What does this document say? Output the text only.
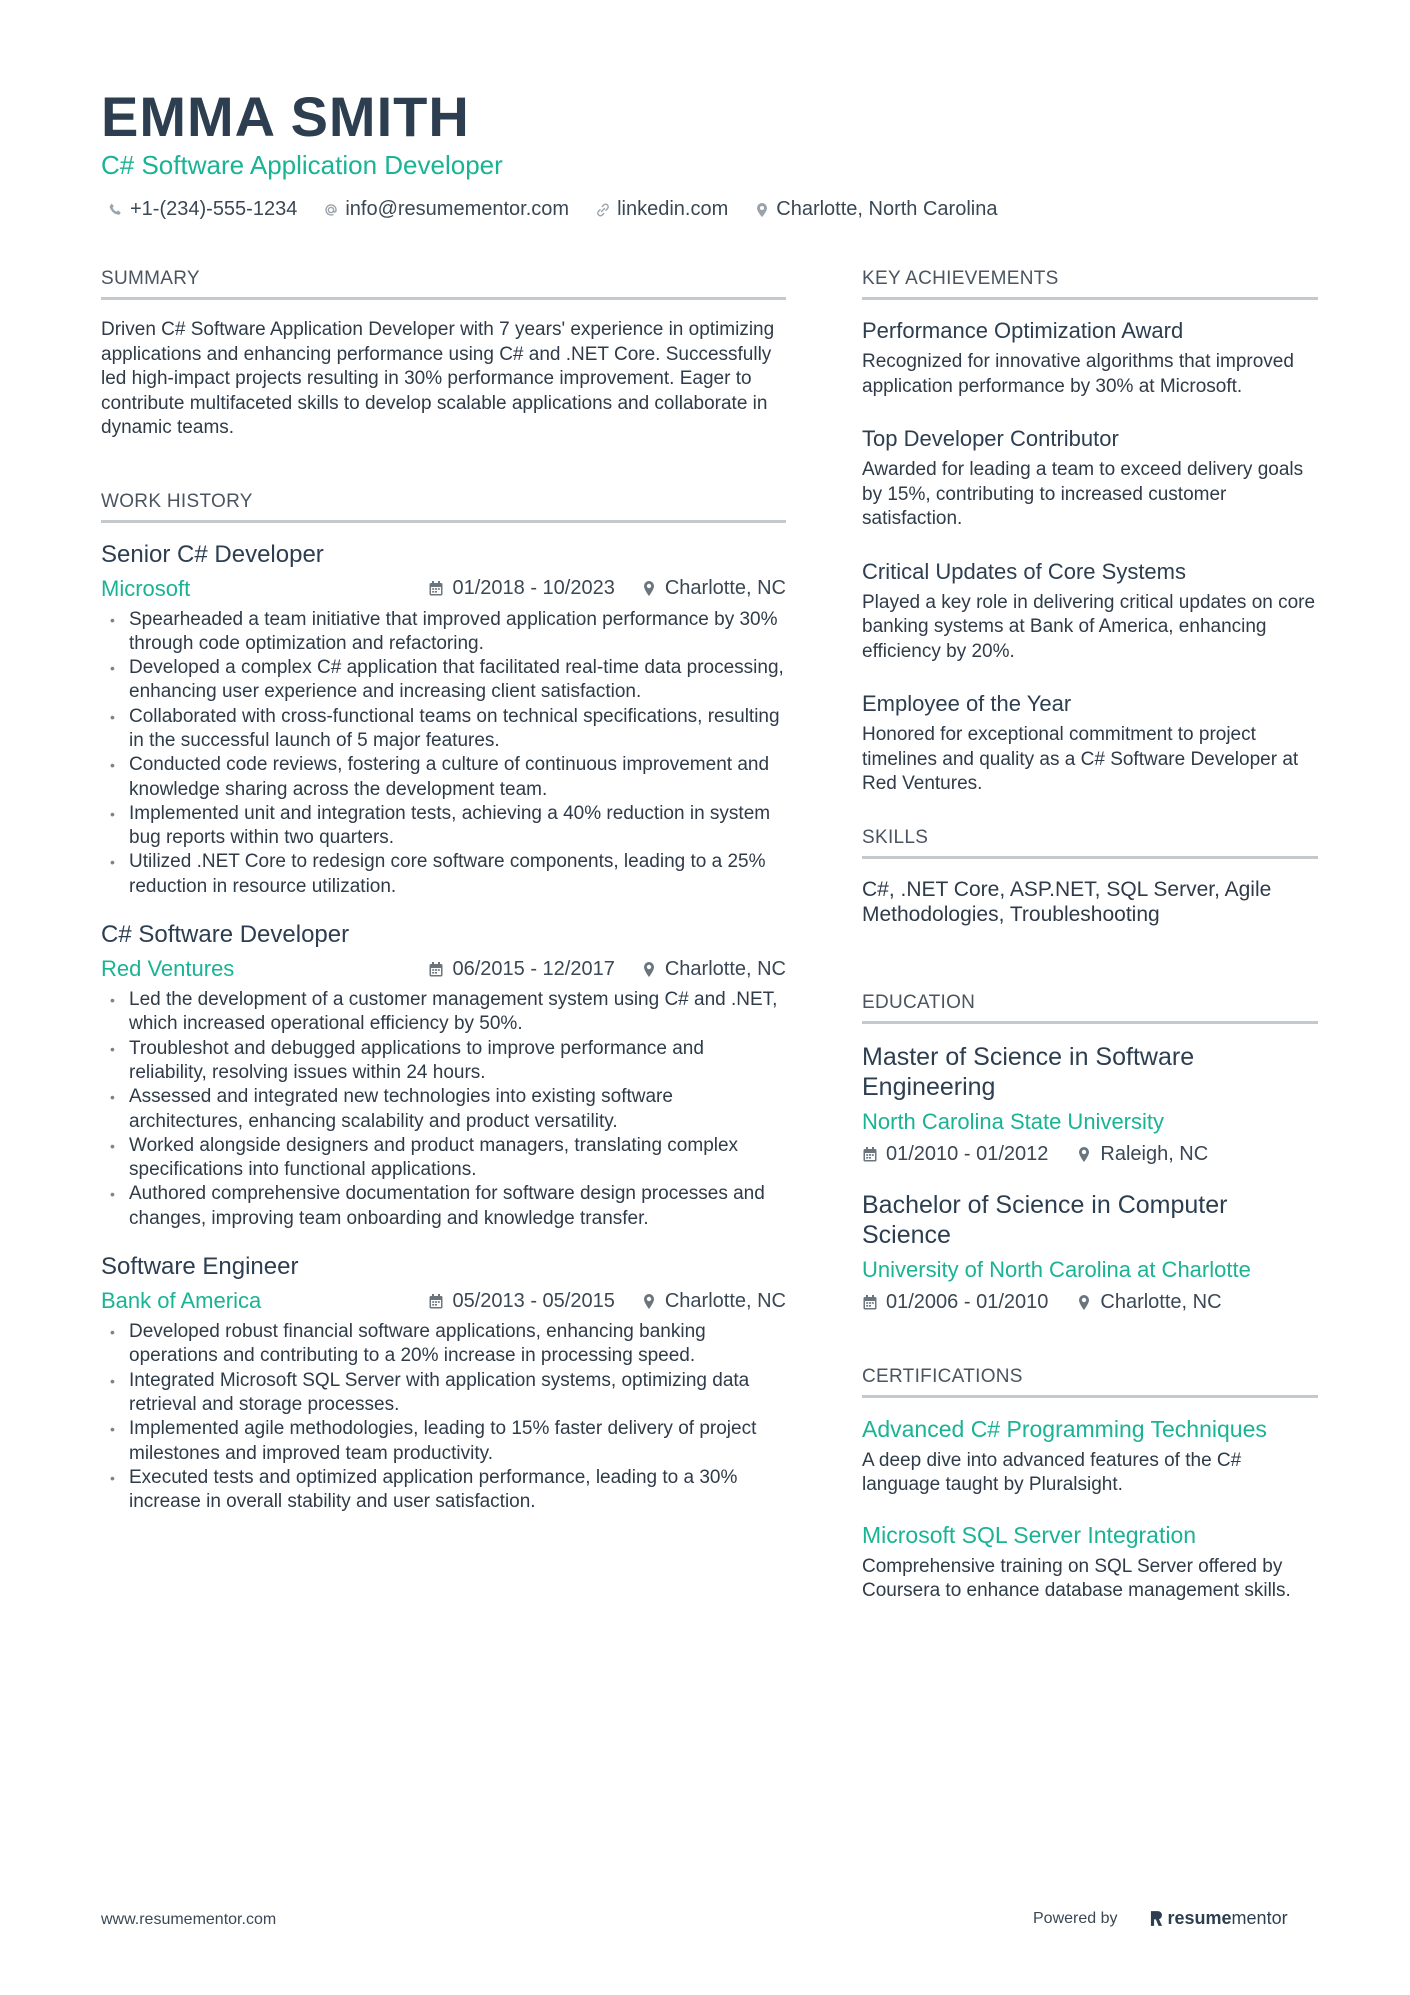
EMMA SMITH
C# Software Application Developer
+1-(234)-555-1234 info@resumementor.com linkedin.com Charlotte, North Carolina
SUMMARY

Driven C# Software Application Developer with 7 years' experience in optimizing applications and enhancing performance using C# and .NET Core. Successfully led high-impact projects resulting in 30% performance improvement. Eager to contribute multifaceted skills to develop scalable applications and collaborate in dynamic teams.

WORK HISTORY
Senior C# Developer
Microsoft	01/2018 - 10/2023	Charlotte, NC
• Spearheaded a team initiative that improved application performance by 30% through code optimization and refactoring.
• Developed a complex C# application that facilitated real-time data processing, enhancing user experience and increasing client satisfaction.
• Collaborated with cross-functional teams on technical specifications, resulting in the successful launch of 5 major features.
• Conducted code reviews, fostering a culture of continuous improvement and knowledge sharing across the development team.
• Implemented unit and integration tests, achieving a 40% reduction in system bug reports within two quarters.
• Utilized .NET Core to redesign core software components, leading to a 25% reduction in resource utilization.
C# Software Developer
Red Ventures	06/2015 - 12/2017	Charlotte, NC
• Led the development of a customer management system using C# and .NET, which increased operational efficiency by 50%.
• Troubleshot and debugged applications to improve performance and reliability, resolving issues within 24 hours.
• Assessed and integrated new technologies into existing software architectures, enhancing scalability and product versatility.
• Worked alongside designers and product managers, translating complex specifications into functional applications.
• Authored comprehensive documentation for software design processes and changes, improving team onboarding and knowledge transfer.
Software Engineer
Bank of America	05/2013 - 05/2015	Charlotte, NC
• Developed robust financial software applications, enhancing banking operations and contributing to a 20% increase in processing speed.
• Integrated Microsoft SQL Server with application systems, optimizing data retrieval and storage processes.
• Implemented agile methodologies, leading to 15% faster delivery of project milestones and improved team productivity.
• Executed tests and optimized application performance, leading to a 30% increase in overall stability and user satisfaction.
KEY ACHIEVEMENTS
Performance Optimization Award
Recognized for innovative algorithms that improved application performance by 30% at Microsoft.
Top Developer Contributor
Awarded for leading a team to exceed delivery goals by 15%, contributing to increased customer satisfaction.
Critical Updates of Core Systems
Played a key role in delivering critical updates on core banking systems at Bank of America, enhancing efficiency by 20%.
Employee of the Year
Honored for exceptional commitment to project timelines and quality as a C# Software Developer at Red Ventures.
SKILLS
C#, .NET Core, ASP.NET, SQL Server, Agile Methodologies, Troubleshooting
EDUCATION
Master of Science in Software Engineering
North Carolina State University
01/2010 - 01/2012	Raleigh, NC
Bachelor of Science in Computer Science
University of North Carolina at Charlotte
01/2006 - 01/2010	Charlotte, NC
CERTIFICATIONS
Advanced C# Programming Techniques
A deep dive into advanced features of the C# language taught by Pluralsight.
Microsoft SQL Server Integration
Comprehensive training on SQL Server offered by Coursera to enhance database management skills.
www.resumementor.com	Powered by	resumementor
